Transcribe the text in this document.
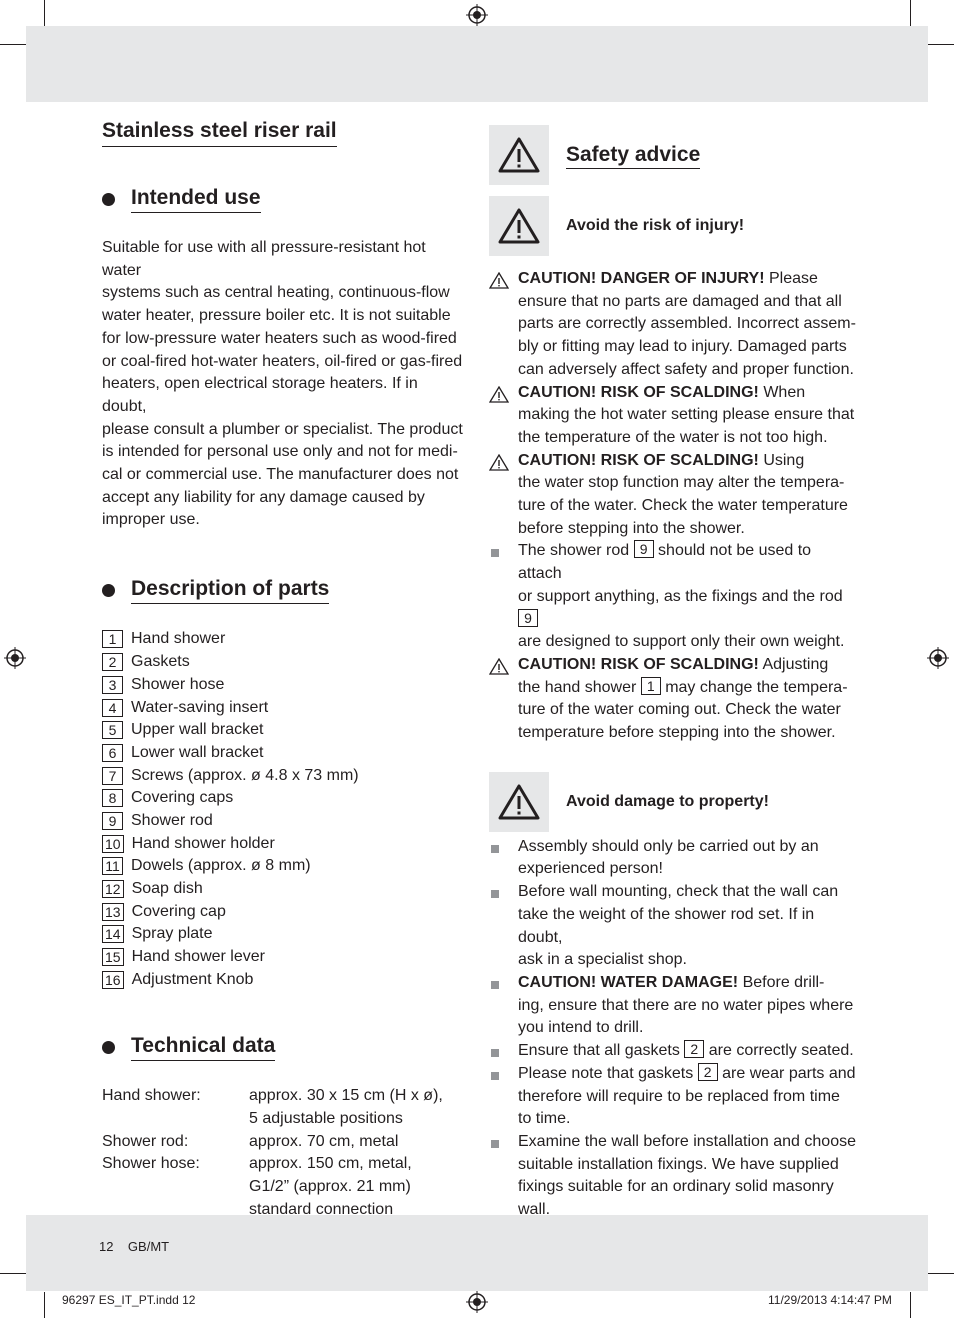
Stainless steel riser rail
Intended use
Suitable for use with all pressure-resistant hot water
systems such as central heating, continuous-flow
water heater, pressure boiler etc. It is not suitable
for low-pressure water heaters such as wood-fired
or coal-fired hot-water heaters, oil-fired or gas-fired
heaters, open electrical storage heaters. If in doubt,
please consult a plumber or specialist. The product
is intended for personal use only and not for medi-
cal or commercial use. The manufacturer does not
accept any liability for any damage caused by
improper use.
Description of parts
1 Hand shower
2 Gaskets
3 Shower hose
4 Water-saving insert
5 Upper wall bracket
6 Lower wall bracket
7 Screws (approx. ø 4.8 x 73 mm)
8 Covering caps
9 Shower rod
10 Hand shower holder
11 Dowels (approx. ø 8 mm)
12 Soap dish
13 Covering cap
14 Spray plate
15 Hand shower lever
16 Adjustment Knob
Technical data
Hand shower:	approx. 30 x 15 cm (H x ø),
5 adjustable positions
Shower rod:	approx. 70 cm, metal
Shower hose:	approx. 150 cm, metal,
G1/2” (approx. 21 mm)
standard connection
Safety advice
Avoid the risk of injury!
CAUTION! DANGER OF INJURY! Please
ensure that no parts are damaged and that all
parts are correctly assembled. Incorrect assem-
bly or fitting may lead to injury. Damaged parts
can adversely affect safety and proper function.
CAUTION! RISK OF SCALDING! When
making the hot water setting please ensure that
the temperature of the water is not too high.
CAUTION! RISK OF SCALDING! Using
the water stop function may alter the tempera-
ture of the water. Check the water temperature
before stepping into the shower.
The shower rod 9 should not be used to attach
or support anything, as the fixings and the rod 9
are designed to support only their own weight.
CAUTION! RISK OF SCALDING! Adjusting
the hand shower 1 may change the tempera-
ture of the water coming out. Check the water
temperature before stepping into the shower.
Avoid damage to property!
Assembly should only be carried out by an
experienced person!
Before wall mounting, check that the wall can
take the weight of the shower rod set. If in doubt,
ask in a specialist shop.
CAUTION! WATER DAMAGE! Before drill-
ing, ensure that there are no water pipes where
you intend to drill.
Ensure that all gaskets 2 are correctly seated.
Please note that gaskets 2 are wear parts and
therefore will require to be replaced from time
to time.
Examine the wall before installation and choose
suitable installation fixings. We have supplied
fixings suitable for an ordinary solid masonry wall.
12 GB/MT
96297 ES_IT_PT.indd 12	11/29/2013 4:14:47 PM
